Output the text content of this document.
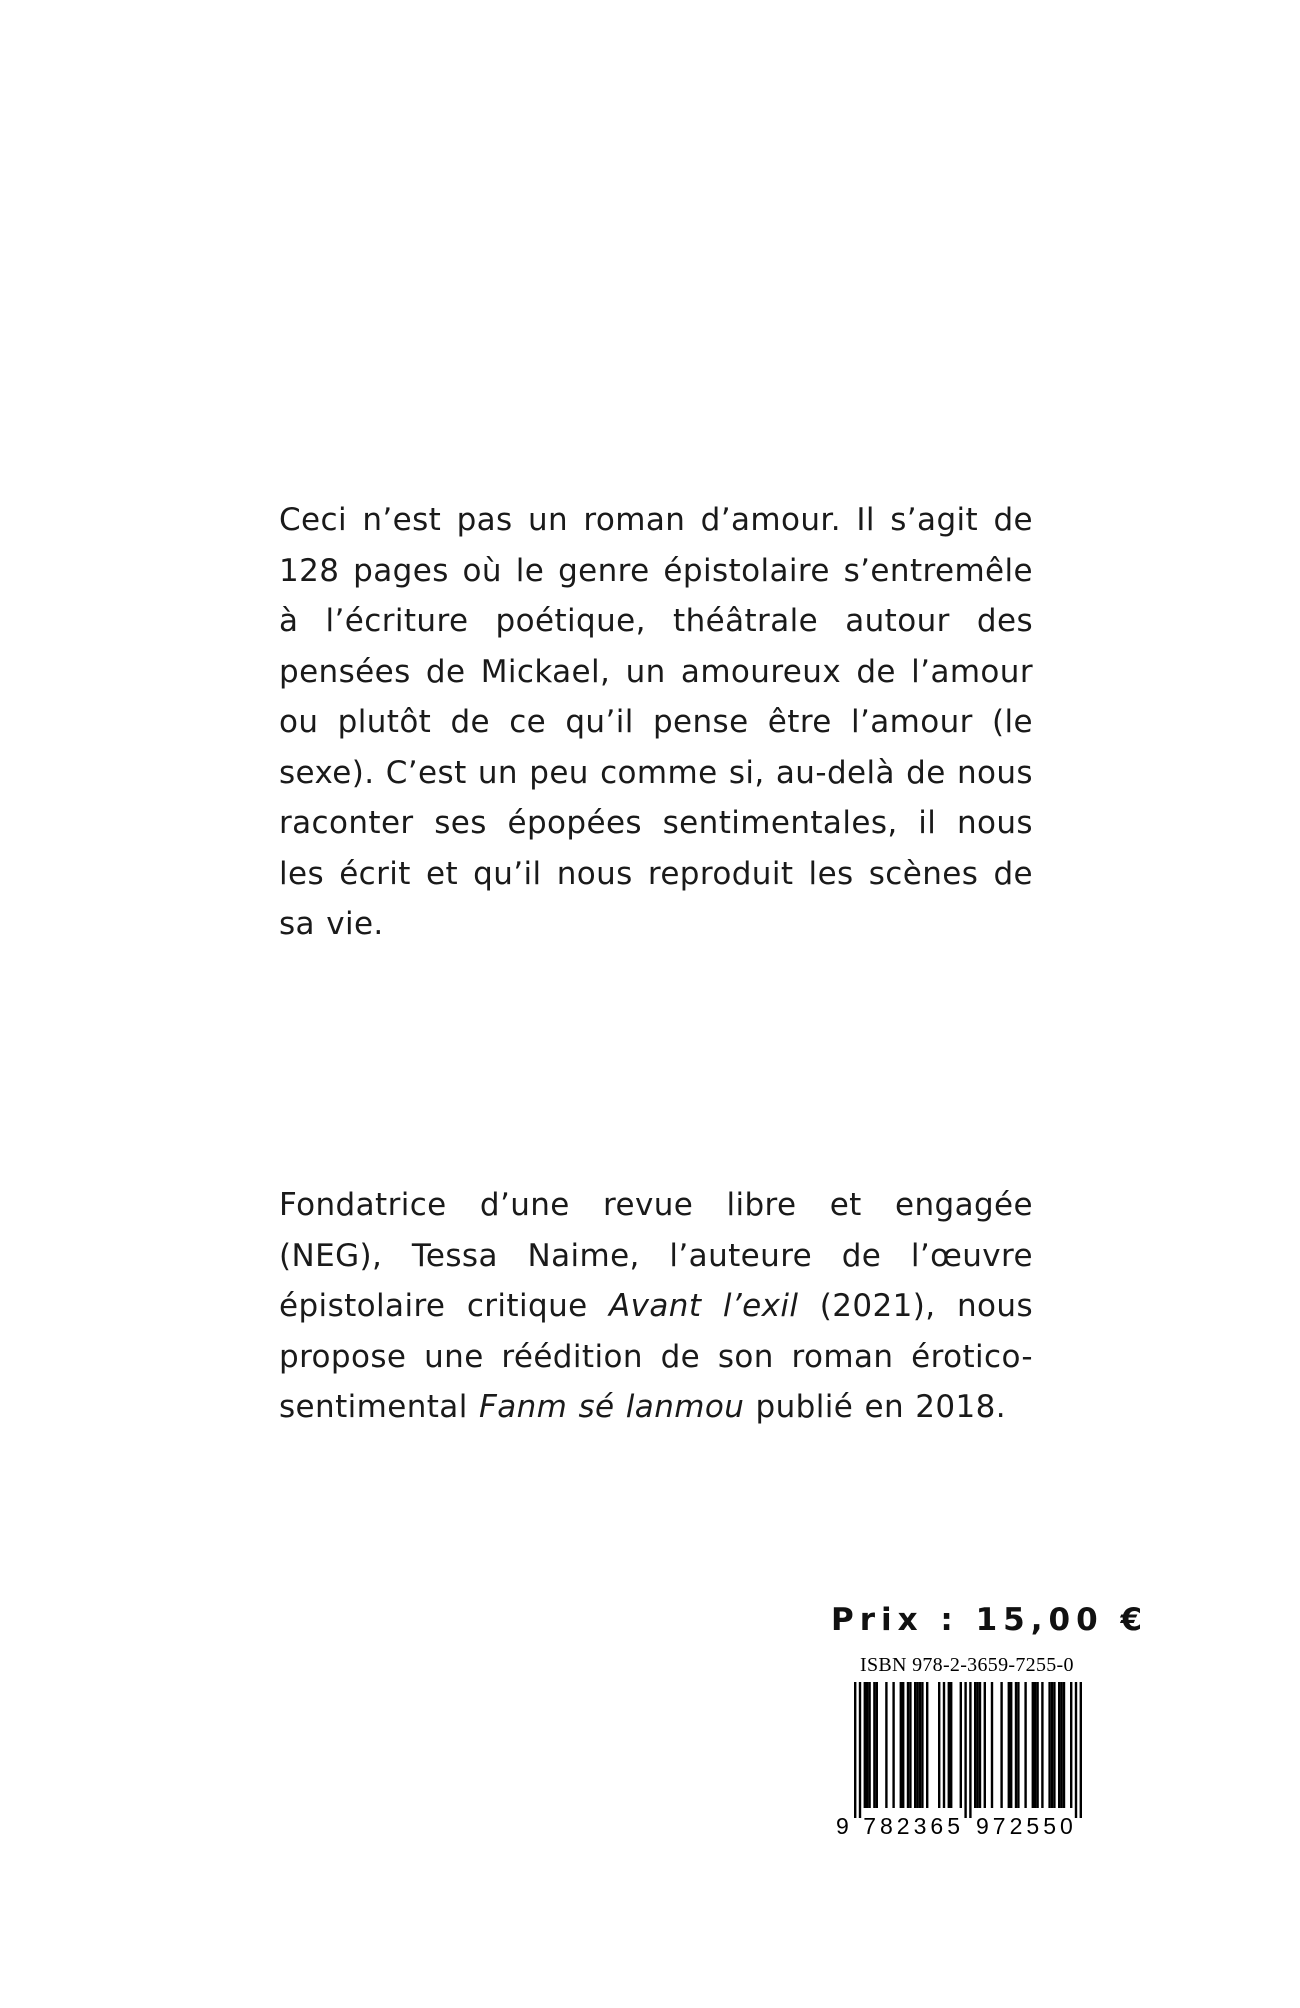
Ceci n’est pas un roman d’amour. Il s’agit de 128 pages où le genre épistolaire s’entremêle à l’écriture poétique, théâtrale autour des pensées de Mickael, un amoureux de l’amour ou plutôt de ce qu’il pense être l’amour (le sexe). C’est un peu comme si, au-delà de nous raconter ses épopées sentimentales, il nous les écrit et qu’il nous reproduit les scènes de sa vie.

Fondatrice d’une revue libre et engagée (NEG), Tessa Naime, l’auteure de l’œuvre épistolaire critique Avant l’exil (2021), nous propose une réédition de son roman érotico-sentimental Fanm sé lanmou publié en 2018.

Prix : 15,00 €
9 782365 972550
ISBN 978-2-3659-7255-0
